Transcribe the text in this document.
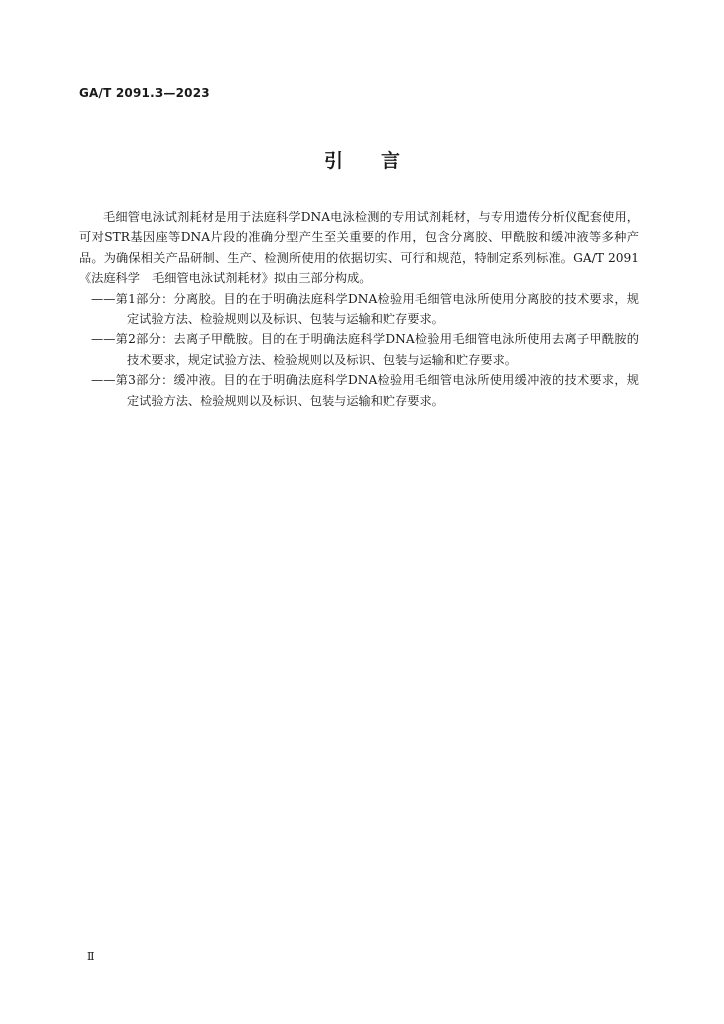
GA/T 2091.3—2023
引言

毛细管电泳试剂耗材是用于法庭科学DNA电泳检测的专用试剂耗材，与专用遗传分析仪配套使用，可对STR基因座等DNA片段的准确分型产生至关重要的作用，包含分离胶、甲酰胺和缓冲液等多种产品。为确保相关产品研制、生产、检测所使用的依据切实、可行和规范，特制定系列标准。GA/T 2091《法庭科学　毛细管电泳试剂耗材》拟由三部分构成。

——第1部分：分离胶。目的在于明确法庭科学DNA检验用毛细管电泳所使用分离胶的技术要求，规定试验方法、检验规则以及标识、包装与运输和贮存要求。

——第2部分：去离子甲酰胺。目的在于明确法庭科学DNA检验用毛细管电泳所使用去离子甲酰胺的技术要求，规定试验方法、检验规则以及标识、包装与运输和贮存要求。

——第3部分：缓冲液。目的在于明确法庭科学DNA检验用毛细管电泳所使用缓冲液的技术要求，规定试验方法、检验规则以及标识、包装与运输和贮存要求。

Ⅱ
